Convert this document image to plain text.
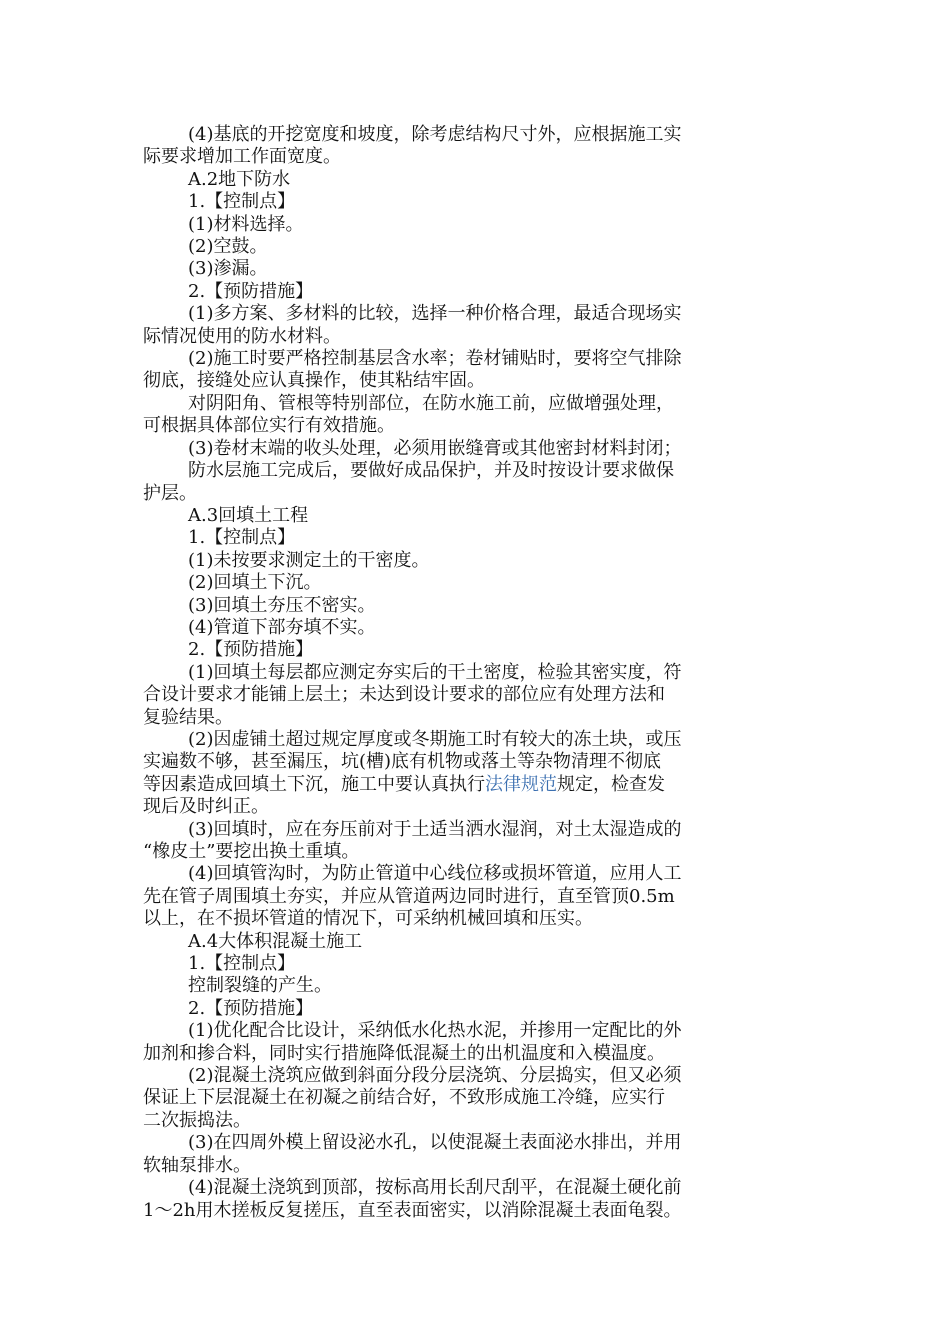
(4)基底的开挖宽度和坡度，除考虑结构尺寸外，应根据施工实

际要求增加工作面宽度。

A.2地下防水

1.【控制点】

(1)材料选择。

(2)空鼓。

(3)渗漏。

2.【预防措施】

(1)多方案、多材料的比较，选择一种价格合理，最适合现场实

际情况使用的防水材料。

(2)施工时要严格控制基层含水率；卷材铺贴时，要将空气排除

彻底，接缝处应认真操作，使其粘结牢固。

对阴阳角、管根等特别部位，在防水施工前，应做增强处理，

可根据具体部位实行有效措施。

(3)卷材末端的收头处理，必须用嵌缝膏或其他密封材料封闭；

防水层施工完成后，要做好成品保护，并及时按设计要求做保

护层。

A.3回填土工程

1.【控制点】

(1)未按要求测定土的干密度。

(2)回填土下沉。

(3)回填土夯压不密实。

(4)管道下部夯填不实。

2.【预防措施】

(1)回填土每层都应测定夯实后的干土密度，检验其密实度，符

合设计要求才能铺上层土；未达到设计要求的部位应有处理方法和

复验结果。

(2)因虚铺土超过规定厚度或冬期施工时有较大的冻土块，或压

实遍数不够，甚至漏压，坑(槽)底有机物或落土等杂物清理不彻底

等因素造成回填土下沉，施工中要认真执行法律规范规定，检查发

现后及时纠正。

(3)回填时，应在夯压前对于土适当洒水湿润，对土太湿造成的

“橡皮土”要挖出换土重填。

(4)回填管沟时，为防止管道中心线位移或损坏管道，应用人工

先在管子周围填土夯实，并应从管道两边同时进行，直至管顶0.5m

以上，在不损坏管道的情况下，可采纳机械回填和压实。

A.4大体积混凝土施工

1.【控制点】

控制裂缝的产生。

2.【预防措施】

(1)优化配合比设计，采纳低水化热水泥，并掺用一定配比的外

加剂和掺合料，同时实行措施降低混凝土的出机温度和入模温度。

(2)混凝土浇筑应做到斜面分段分层浇筑、分层捣实，但又必须

保证上下层混凝土在初凝之前结合好，不致形成施工冷缝，应实行

二次振捣法。

(3)在四周外模上留设泌水孔，以使混凝土表面泌水排出，并用

软轴泵排水。

(4)混凝土浇筑到顶部，按标高用长刮尺刮平，在混凝土硬化前

1～2h用木搓板反复搓压，直至表面密实，以消除混凝土表面龟裂。
